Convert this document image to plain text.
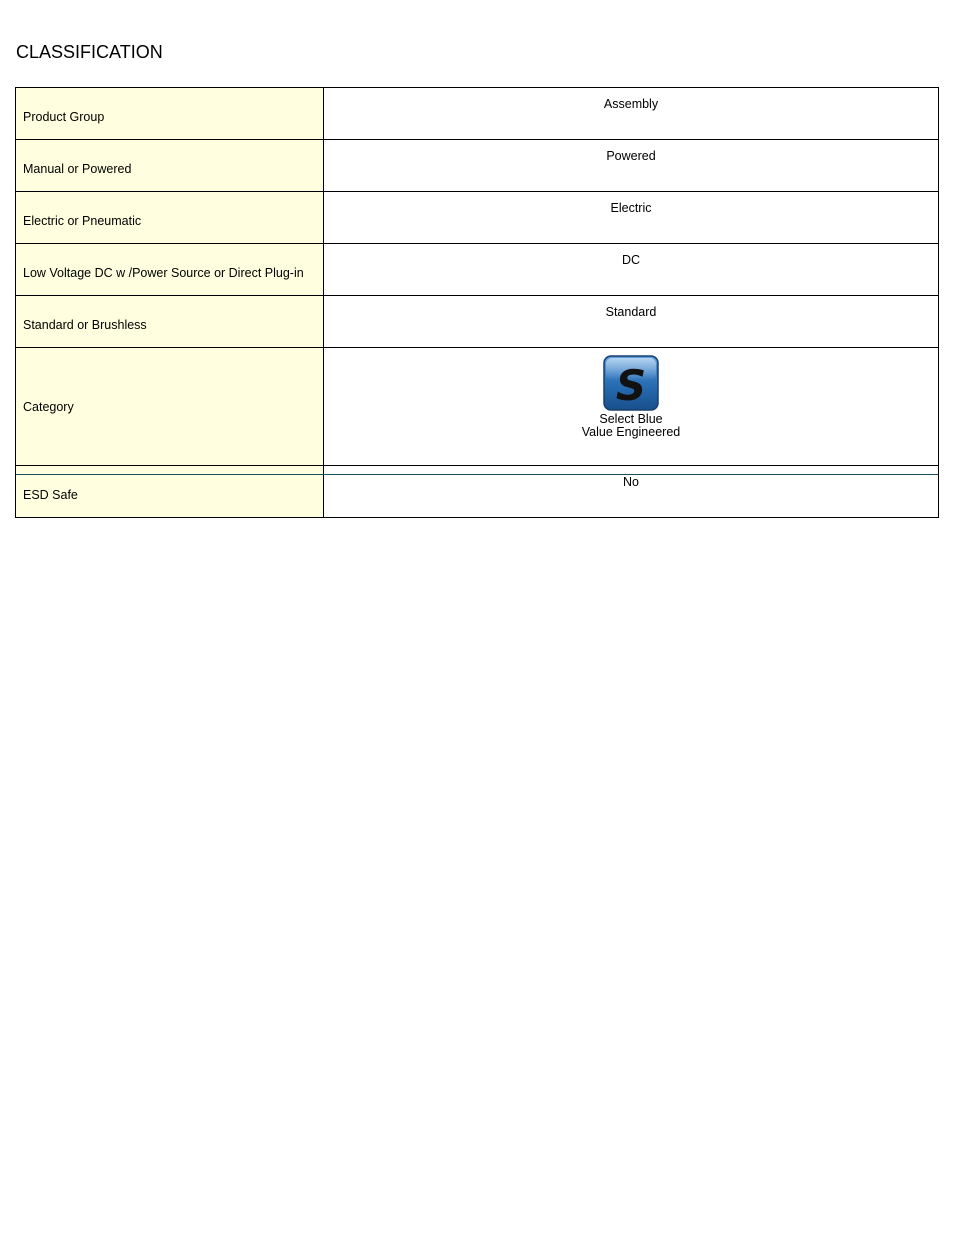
CLASSIFICATION
Product Group	Assembly
Manual or Powered	Powered
Electric or Pneumatic	Electric
Low Voltage DC w /Power Source or Direct Plug-in	DC
Standard or Brushless	Standard
Category	S
Select Blue
Value Engineered

ESD Safe	No
